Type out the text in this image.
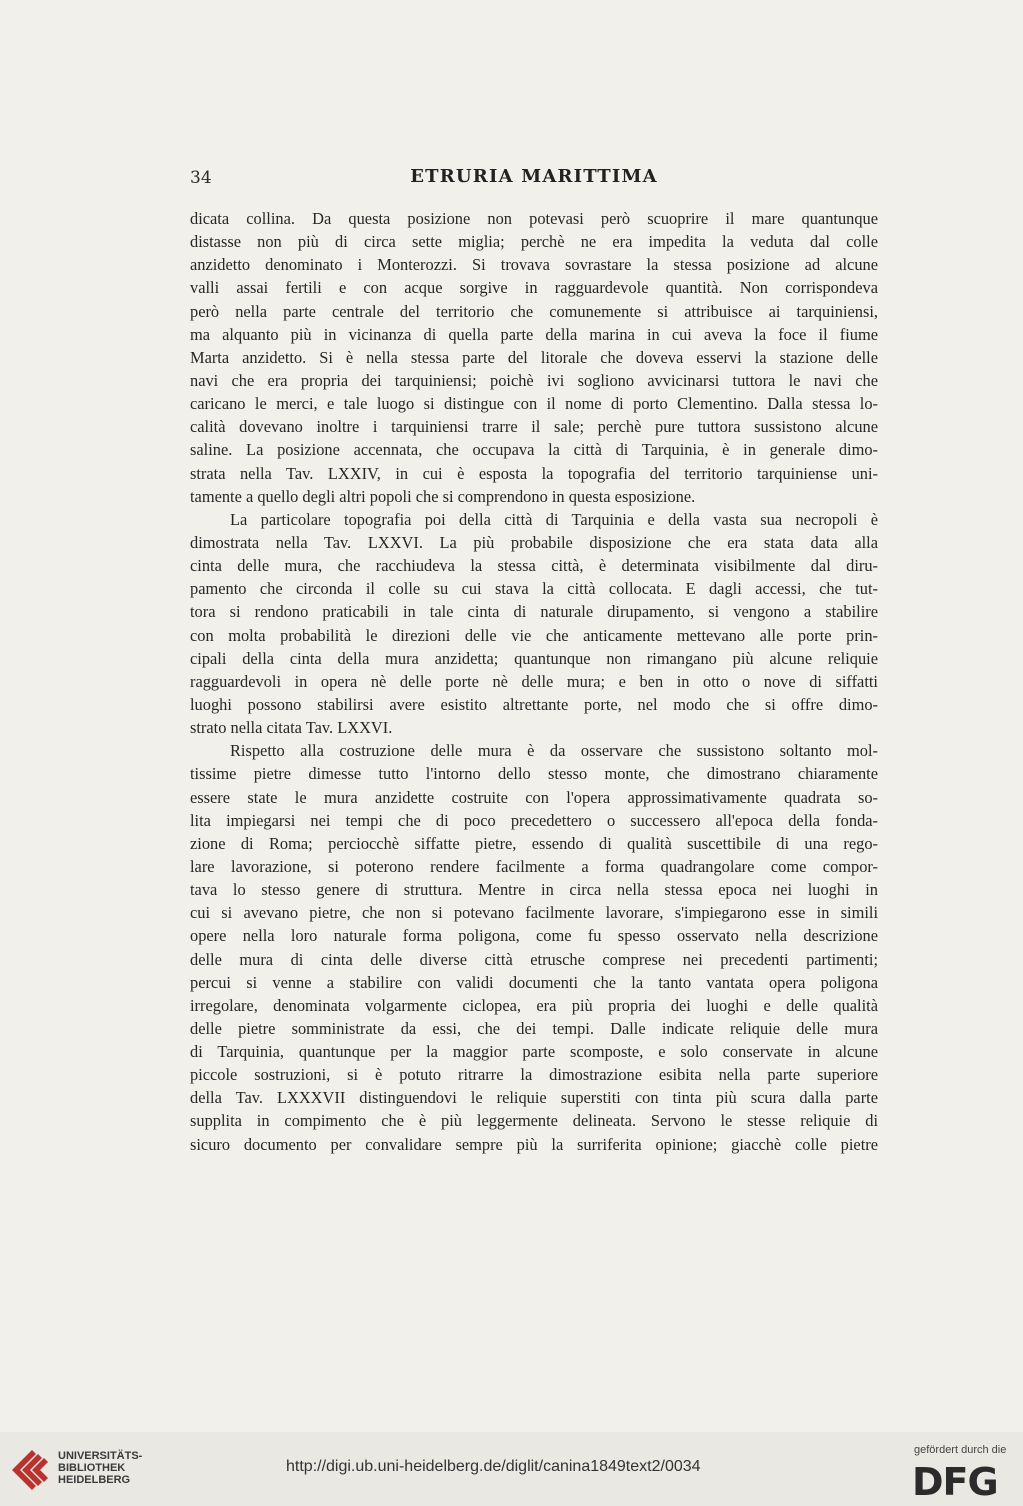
34	ETRURIA MARITTIMA
dicata collina. Da questa posizione non potevasi però scuoprire il mare quantunque
distasse non più di circa sette miglia; perchè ne era impedita la veduta dal colle
anzidetto denominato i Monterozzi. Si trovava sovrastare la stessa posizione ad alcune
valli assai fertili e con acque sorgive in ragguardevole quantità. Non corrispondeva
però nella parte centrale del territorio che comunemente si attribuisce ai tarquiniensi,
ma alquanto più in vicinanza di quella parte della marina in cui aveva la foce il fiume
Marta anzidetto. Si è nella stessa parte del litorale che doveva esservi la stazione delle
navi che era propria dei tarquiniensi; poichè ivi sogliono avvicinarsi tuttora le navi che
caricano le merci, e tale luogo si distingue con il nome di porto Clementino. Dalla stessa lo-
calità dovevano inoltre i tarquiniensi trarre il sale; perchè pure tuttora sussistono alcune
saline. La posizione accennata, che occupava la città di Tarquinia, è in generale dimo-
strata nella Tav. LXXIV, in cui è esposta la topografia del territorio tarquiniense uni-
tamente a quello degli altri popoli che si comprendono in questa esposizione.
La particolare topografia poi della città di Tarquinia e della vasta sua necropoli è
dimostrata nella Tav. LXXVI. La più probabile disposizione che era stata data alla
cinta delle mura, che racchiudeva la stessa città, è determinata visibilmente dal diru-
pamento che circonda il colle su cui stava la città collocata. E dagli accessi, che tut-
tora si rendono praticabili in tale cinta di naturale dirupamento, si vengono a stabilire
con molta probabilità le direzioni delle vie che anticamente mettevano alle porte prin-
cipali della cinta della mura anzidetta; quantunque non rimangano più alcune reliquie
ragguardevoli in opera nè delle porte nè delle mura; e ben in otto o nove di siffatti
luoghi possono stabilirsi avere esistito altrettante porte, nel modo che si offre dimo-
strato nella citata Tav. LXXVI.
Rispetto alla costruzione delle mura è da osservare che sussistono soltanto mol-
tissime pietre dimesse tutto l'intorno dello stesso monte, che dimostrano chiaramente
essere state le mura anzidette costruite con l'opera approssimativamente quadrata so-
lita impiegarsi nei tempi che di poco precedettero o successero all'epoca della fonda-
zione di Roma; perciocchè siffatte pietre, essendo di qualità suscettibile di una rego-
lare lavorazione, si poterono rendere facilmente a forma quadrangolare come compor-
tava lo stesso genere di struttura. Mentre in circa nella stessa epoca nei luoghi in
cui si avevano pietre, che non si potevano facilmente lavorare, s'impiegarono esse in simili
opere nella loro naturale forma poligona, come fu spesso osservato nella descrizione
delle mura di cinta delle diverse città etrusche comprese nei precedenti partimenti;
percui si venne a stabilire con validi documenti che la tanto vantata opera poligona
irregolare, denominata volgarmente ciclopea, era più propria dei luoghi e delle qualità
delle pietre somministrate da essi, che dei tempi. Dalle indicate reliquie delle mura
di Tarquinia, quantunque per la maggior parte scomposte, e solo conservate in alcune
piccole sostruzioni, si è potuto ritrarre la dimostrazione esibita nella parte superiore
della Tav. LXXXVII distinguendovi le reliquie superstiti con tinta più scura dalla parte
supplita in compimento che è più leggermente delineata. Servono le stesse reliquie di
sicuro documento per convalidare sempre più la surriferita opinione; giacchè colle pietre
UNIVERSITÄTS-
BIBLIOTHEK
HEIDELBERG
http://digi.ub.uni-heidelberg.de/diglit/canina1849text2/0034
gefördert durch die
DFG
